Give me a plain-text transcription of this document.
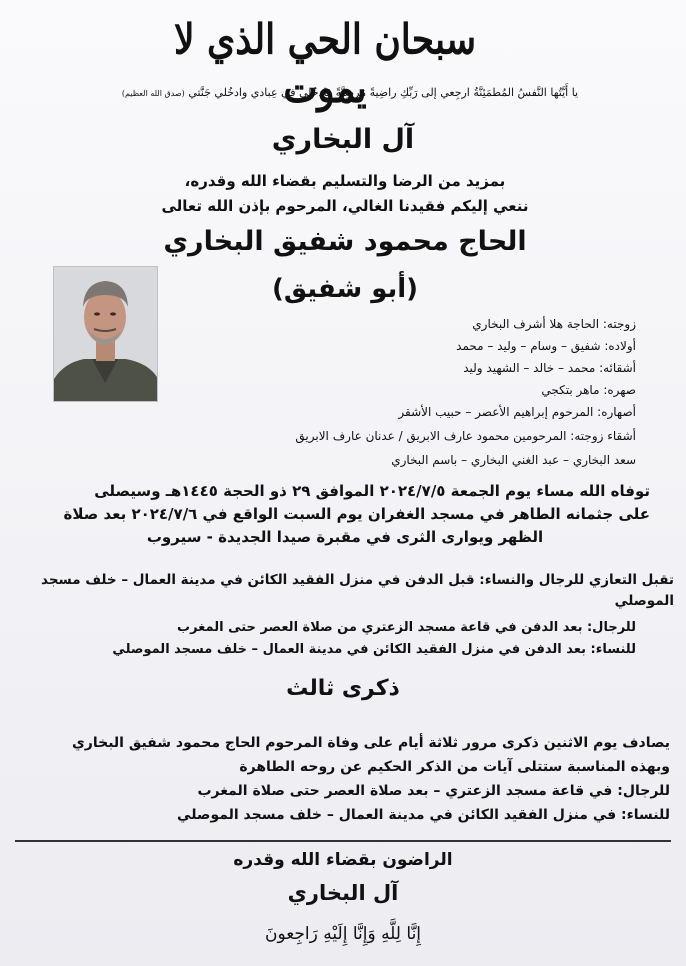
سبحان الحي الذي لا يموت
يا أَيَّتُها النَّفسُ المُطمَئِنَّةُ ارجِعي إلى رَبِّكِ راضِيةً مَرضِيَّةً فادخُلي في عِبادي وادخُلي جَنَّتي (صدق الله العظيم)
آل البخاري
بمزيد من الرضا والتسليم بقضاء الله وقدره،
ننعي إليكم فقيدنا الغالي، المرحوم بإذن الله تعالى
الحاج محمود شفيق البخاري
(أبو شفيق)
زوجته: الحاجة هلا أشرف البخاري
أولاده: شفيق – وسام – وليد – محمد
أشقائه: محمد – خالد – الشهيد وليد
صهره: ماهر بتكجي
أصهاره: المرحوم إبراهيم الأعصر – حبيب الأشقر
أشقاء زوجته: المرحومين محمود عارف الابريق / عدنان عارف الابريق
سعد البخاري – عبد الغني البخاري – باسم البخاري
توفاه الله مساء يوم الجمعة ٢٠٢٤/٧/٥ الموافق ٢٩ ذو الحجة ١٤٤٥هـ وسيصلى
على جثمانه الطاهر في مسجد الغفران يوم السبت الواقع في ٢٠٢٤/٧/٦ بعد صلاة
الظهر ويوارى الثرى في مقبرة صيدا الجديدة - سيروب
تقبل التعازي للرجال والنساء: قبل الدفن في منزل الفقيد الكائن في مدينة العمال – خلف مسجد الموصلي
للرجال: بعد الدفن في قاعة مسجد الزعتري من صلاة العصر حتى المغرب
للنساء: بعد الدفن في منزل الفقيد الكائن في مدينة العمال – خلف مسجد الموصلي
ذكرى ثالث
يصادف يوم الاثنين ذكرى مرور ثلاثة أيام على وفاة المرحوم الحاج محمود شفيق البخاري
وبهذه المناسبة ستتلى آيات من الذكر الحكيم عن روحه الطاهرة
للرجال: في قاعة مسجد الزعتري – بعد صلاة العصر حتى صلاة المغرب
للنساء: في منزل الفقيد الكائن في مدينة العمال – خلف مسجد الموصلي
الراضون بقضاء الله وقدره
آل البخاري
إِنَّا لِلَّهِ وَإِنَّا إِلَيْهِ رَاجِعونَ
